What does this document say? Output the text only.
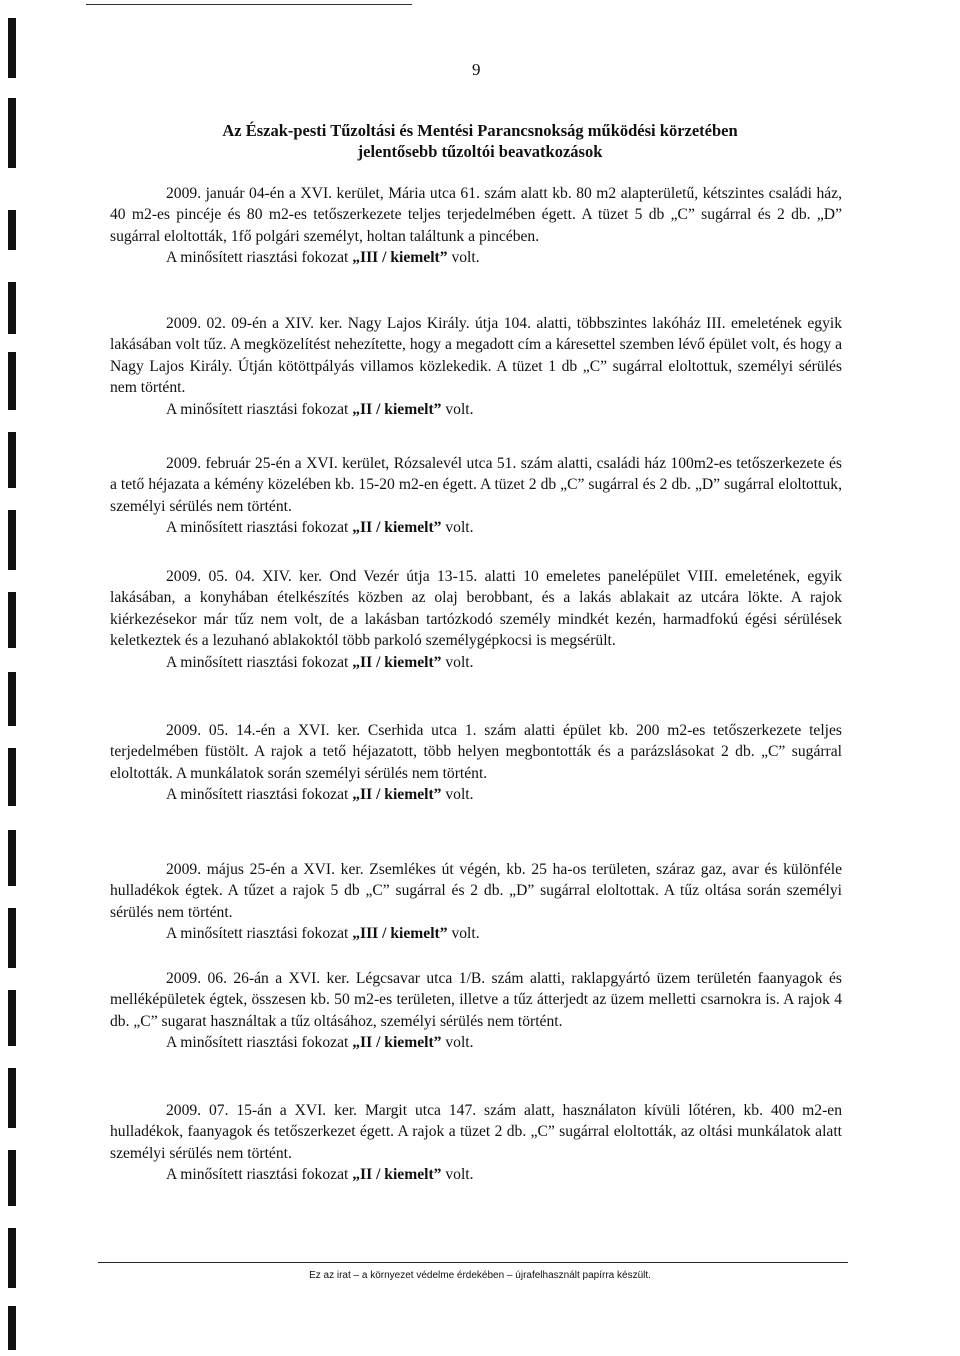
9
Az Észak-pesti Tűzoltási és Mentési Parancsnokság működési körzetében
jelentősebb tűzoltói beavatkozások
2009. január 04-én a XVI. kerület, Mária utca 61. szám alatt kb. 80 m2 alapterületű, kétszintes családi ház, 40 m2-es pincéje és 80 m2-es tetőszerkezete teljes terjedelmében égett. A tüzet 5 db „C” sugárral és 2 db. „D” sugárral eloltották, 1fő polgári személyt, holtan találtunk a pincében.
A minősített riasztási fokozat „III / kiemelt” volt.
2009. 02. 09-én a XIV. ker. Nagy Lajos Király. útja 104. alatti, többszintes lakóház III. emeletének egyik lakásában volt tűz. A megközelítést nehezítette, hogy a megadott cím a káresettel szemben lévő épület volt, és hogy a Nagy Lajos Király. Útján kötöttpályás villamos közlekedik. A tüzet 1 db „C” sugárral eloltottuk, személyi sérülés nem történt.
A minősített riasztási fokozat „II / kiemelt” volt.
2009. február 25-én a XVI. kerület, Rózsalevél utca 51. szám alatti, családi ház 100m2-es tetőszerkezete és a tető héjazata a kémény közelében kb. 15-20 m2-en égett. A tüzet 2 db „C” sugárral és 2 db. „D” sugárral eloltottuk, személyi sérülés nem történt.
A minősített riasztási fokozat „II / kiemelt” volt.
2009. 05. 04. XIV. ker. Ond Vezér útja 13-15. alatti 10 emeletes panelépület VIII. emeletének, egyik lakásában, a konyhában ételkészítés közben az olaj berobbant, és a lakás ablakait az utcára lökte. A rajok kiérkezésekor már tűz nem volt, de a lakásban tartózkodó személy mindkét kezén, harmadfokú égési sérülések keletkeztek és a lezuhanó ablakoktól több parkoló személygépkocsi is megsérült.
A minősített riasztási fokozat „II / kiemelt” volt.
2009. 05. 14.-én a XVI. ker. Cserhida utca 1. szám alatti épület kb. 200 m2-es tetőszerkezete teljes terjedelmében füstölt. A rajok a tető héjazatott, több helyen megbontották és a parázslásokat 2 db. „C” sugárral eloltották. A munkálatok során személyi sérülés nem történt.
A minősített riasztási fokozat „II / kiemelt” volt.
2009. május 25-én a XVI. ker. Zsemlékes út végén, kb. 25 ha-os területen, száraz gaz, avar és különféle hulladékok égtek. A tűzet a rajok 5 db „C” sugárral és 2 db. „D” sugárral eloltottak. A tűz oltása során személyi sérülés nem történt.
A minősített riasztási fokozat „III / kiemelt” volt.
2009. 06. 26-án a XVI. ker. Légcsavar utca 1/B. szám alatti, raklapgyártó üzem területén faanyagok és melléképületek égtek, összesen kb. 50 m2-es területen, illetve a tűz átterjedt az üzem melletti csarnokra is. A rajok 4 db. „C” sugarat használtak a tűz oltásához, személyi sérülés nem történt.
A minősített riasztási fokozat „II / kiemelt” volt.
2009. 07. 15-án a XVI. ker. Margit utca 147. szám alatt, használaton kívüli lőtéren, kb. 400 m2-en hulladékok, faanyagok és tetőszerkezet égett. A rajok a tüzet 2 db. „C” sugárral eloltották, az oltási munkálatok alatt személyi sérülés nem történt.
A minősített riasztási fokozat „II / kiemelt” volt.
Ez az irat – a környezet védelme érdekében – újrafelhasznált papírra készült.
